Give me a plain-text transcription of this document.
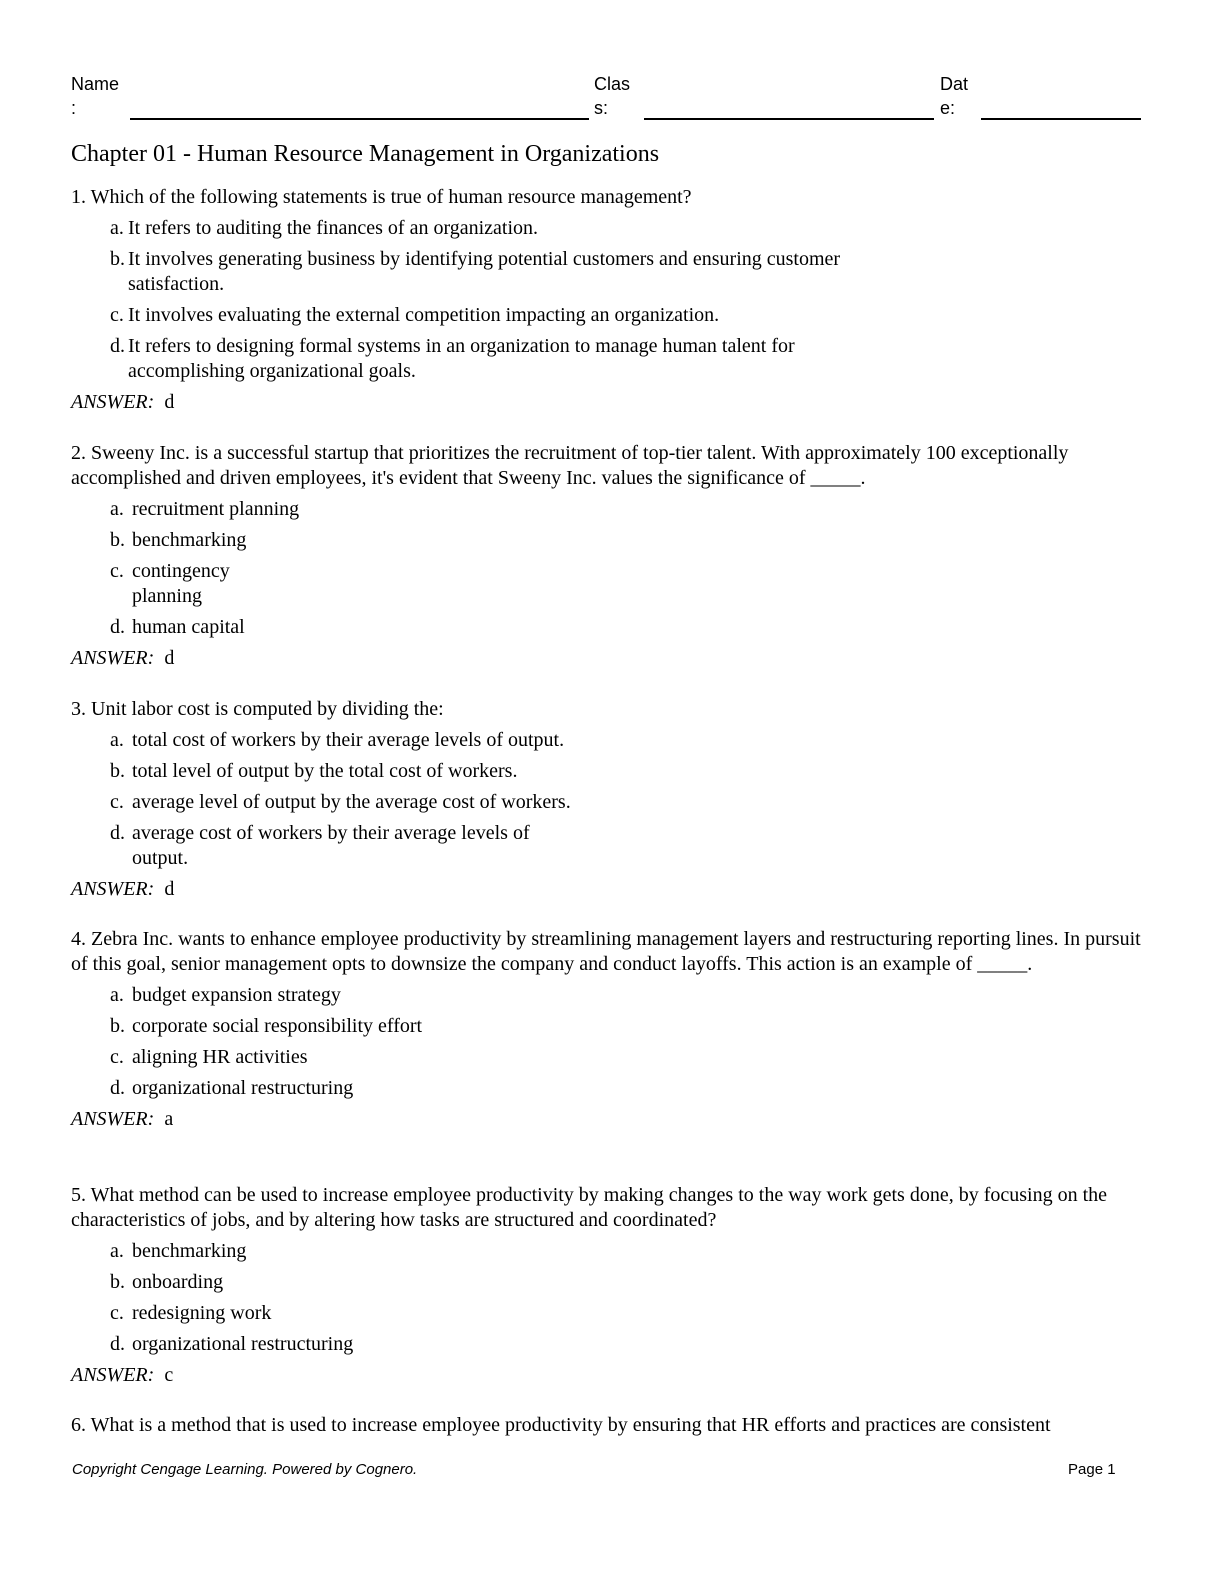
Name
:
Clas
s:
Dat
e:
Chapter 01 - Human Resource Management in Organizations

1. Which of the following statements is true of human resource management?

a. It refers to auditing the finances of an organization.
b. It involves generating business by identifying potential customers and ensuring customer satisfaction.
c. It involves evaluating the external competition impacting an organization.
d. It refers to designing formal systems in an organization to manage human talent for accomplishing organizational goals.
ANSWER: d

2. Sweeny Inc. is a successful startup that prioritizes the recruitment of top-tier talent. With approximately 100 exceptionally accomplished and driven employees, it's evident that Sweeny Inc. values the significance of _____.

a. recruitment planning
b. benchmarking
c. contingency planning
d. human capital
ANSWER: d

3. Unit labor cost is computed by dividing the:

a. total cost of workers by their average levels of output.
b. total level of output by the total cost of workers.
c. average level of output by the average cost of workers.
d. average cost of workers by their average levels of output.
ANSWER: d

4. Zebra Inc. wants to enhance employee productivity by streamlining management layers and restructuring reporting lines. In pursuit of this goal, senior management opts to downsize the company and conduct layoffs. This action is an example of _____.

a. budget expansion strategy
b. corporate social responsibility effort
c. aligning HR activities
d. organizational restructuring
ANSWER: a

5. What method can be used to increase employee productivity by making changes to the way work gets done, by focusing on the characteristics of jobs, and by altering how tasks are structured and coordinated?

a. benchmarking
b. onboarding
c. redesigning work
d. organizational restructuring
ANSWER: c

6. What is a method that is used to increase employee productivity by ensuring that HR efforts and practices are consistent

Copyright Cengage Learning. Powered by Cognero.	Page 1
